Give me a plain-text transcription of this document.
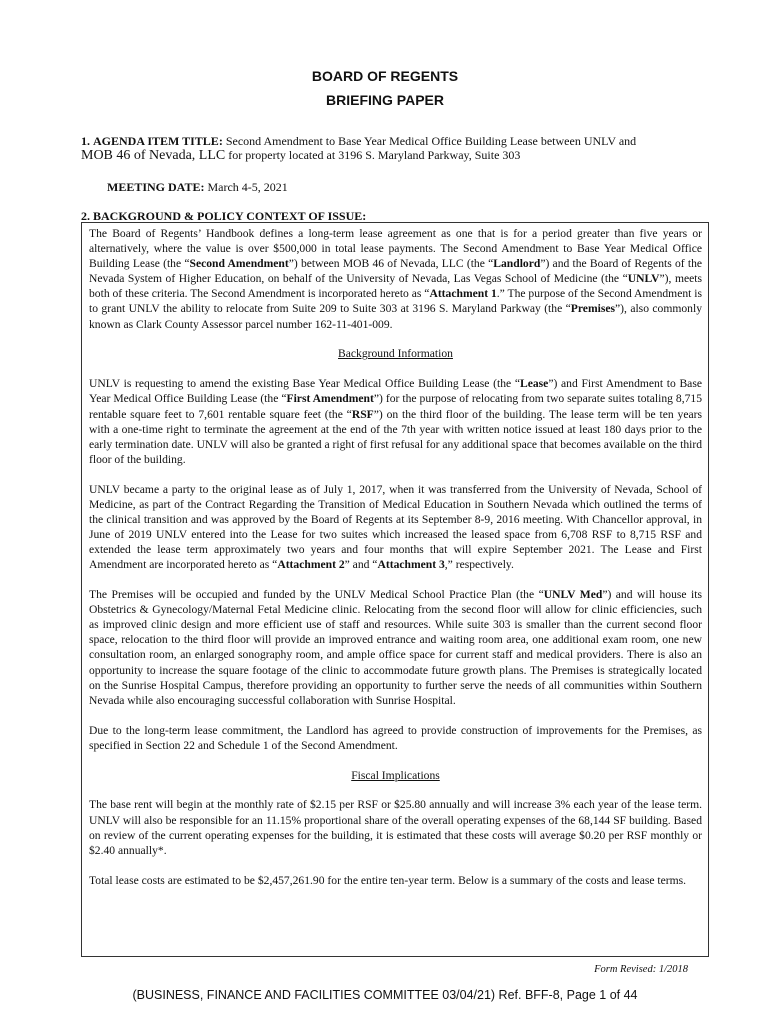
BOARD OF REGENTS
BRIEFING PAPER
1. AGENDA ITEM TITLE: Second Amendment to Base Year Medical Office Building Lease between UNLV and
MOB 46 of Nevada, LLC for property located at 3196 S. Maryland Parkway, Suite 303
MEETING DATE: March 4-5, 2021
2. BACKGROUND & POLICY CONTEXT OF ISSUE:

The Board of Regents’ Handbook defines a long-term lease agreement as one that is for a period greater than five years or alternatively, where the value is over $500,000 in total lease payments. The Second Amendment to Base Year Medical Office Building Lease (the “Second Amendment”) between MOB 46 of Nevada, LLC (the “Landlord”) and the Board of Regents of the Nevada System of Higher Education, on behalf of the University of Nevada, Las Vegas School of Medicine (the “UNLV”), meets both of these criteria. The Second Amendment is incorporated hereto as “Attachment 1.” The purpose of the Second Amendment is to grant UNLV the ability to relocate from Suite 209 to Suite 303 at 3196 S. Maryland Parkway (the “Premises”), also commonly known as Clark County Assessor parcel number 162-11-401-009.

Background Information

UNLV is requesting to amend the existing Base Year Medical Office Building Lease (the “Lease”) and First Amendment to Base Year Medical Office Building Lease (the “First Amendment”) for the purpose of relocating from two separate suites totaling 8,715 rentable square feet to 7,601 rentable square feet (the “RSF”) on the third floor of the building. The lease term will be ten years with a one-time right to terminate the agreement at the end of the 7th year with written notice issued at least 180 days prior to the early termination date. UNLV will also be granted a right of first refusal for any additional space that becomes available on the third floor of the building.

UNLV became a party to the original lease as of July 1, 2017, when it was transferred from the University of Nevada, School of Medicine, as part of the Contract Regarding the Transition of Medical Education in Southern Nevada which outlined the terms of the clinical transition and was approved by the Board of Regents at its September 8-9, 2016 meeting. With Chancellor approval, in June of 2019 UNLV entered into the Lease for two suites which increased the leased space from 6,708 RSF to 8,715 RSF and extended the lease term approximately two years and four months that will expire September 2021. The Lease and First Amendment are incorporated hereto as “Attachment 2” and “Attachment 3,” respectively.

The Premises will be occupied and funded by the UNLV Medical School Practice Plan (the “UNLV Med”) and will house its Obstetrics & Gynecology/Maternal Fetal Medicine clinic. Relocating from the second floor will allow for clinic efficiencies, such as improved clinic design and more efficient use of staff and resources. While suite 303 is smaller than the current second floor space, relocation to the third floor will provide an improved entrance and waiting room area, one additional exam room, one new consultation room, an enlarged sonography room, and ample office space for current staff and medical providers. There is also an opportunity to increase the square footage of the clinic to accommodate future growth plans. The Premises is strategically located on the Sunrise Hospital Campus, therefore providing an opportunity to further serve the needs of all communities within Southern Nevada while also encouraging successful collaboration with Sunrise Hospital.

Due to the long-term lease commitment, the Landlord has agreed to provide construction of improvements for the Premises, as specified in Section 22 and Schedule 1 of the Second Amendment.

Fiscal Implications

The base rent will begin at the monthly rate of $2.15 per RSF or $25.80 annually and will increase 3% each year of the lease term. UNLV will also be responsible for an 11.15% proportional share of the overall operating expenses of the 68,144 SF building. Based on review of the current operating expenses for the building, it is estimated that these costs will average $0.20 per RSF monthly or $2.40 annually*.

Total lease costs are estimated to be $2,457,261.90 for the entire ten-year term. Below is a summary of the costs and lease terms.

Form Revised: 1/2018
(BUSINESS, FINANCE AND FACILITIES COMMITTEE 03/04/21) Ref. BFF-8, Page 1 of 44
